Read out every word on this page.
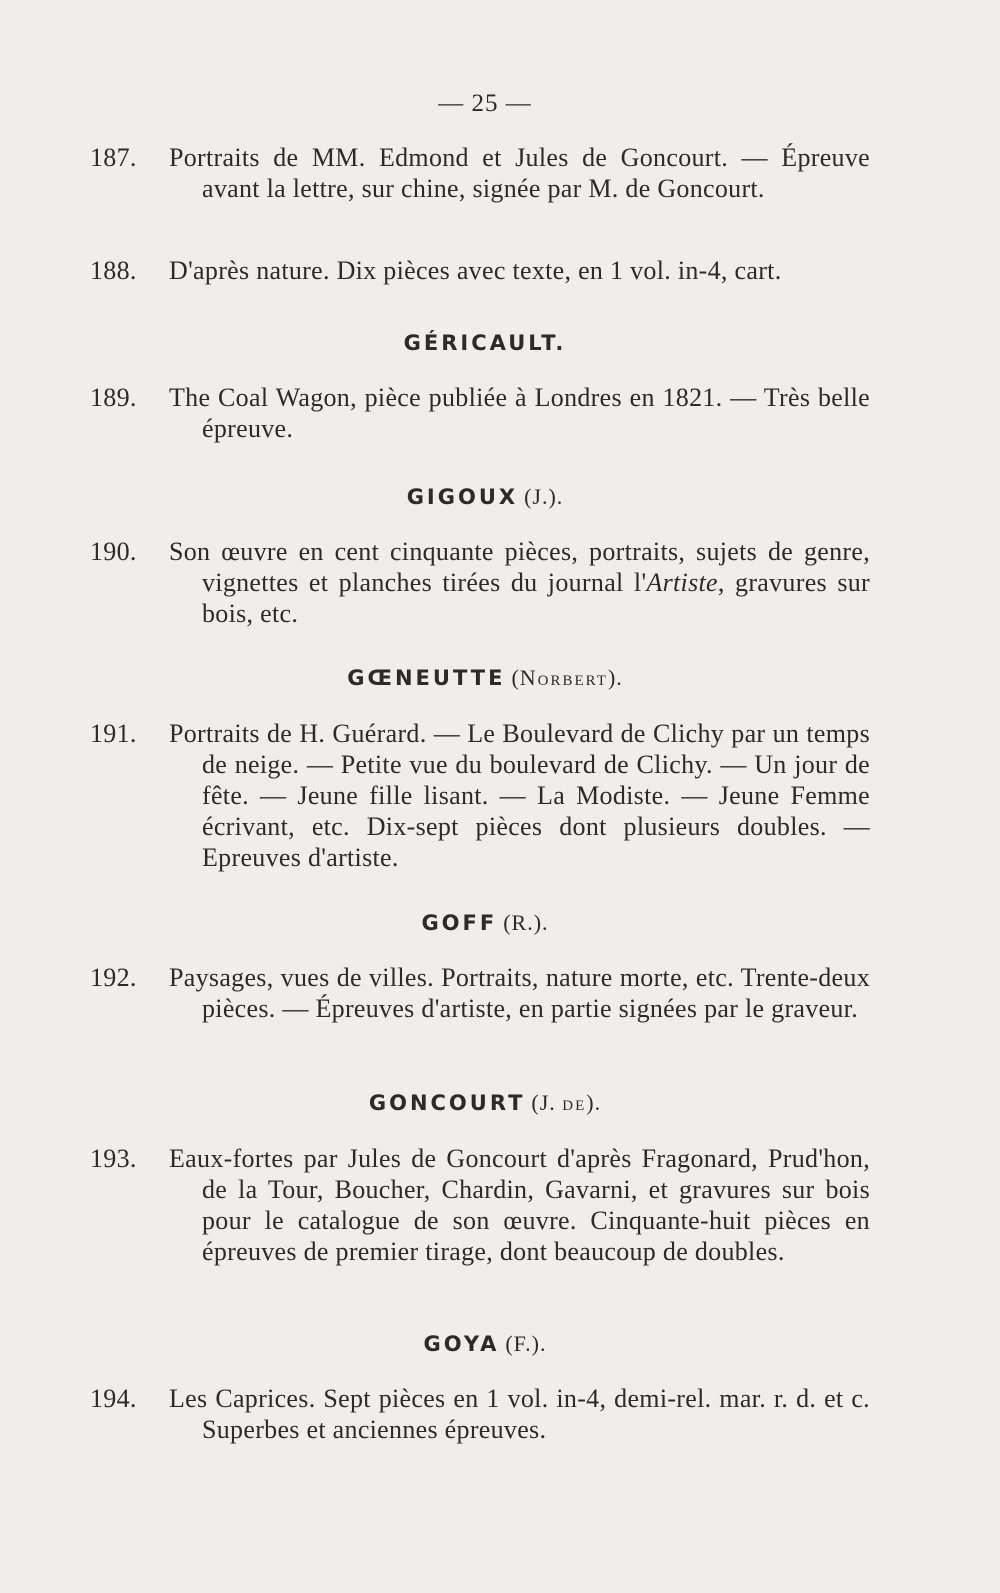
— 25 —
187.	Portraits de MM. Edmond et Jules de Goncourt. — Épreuve avant la lettre, sur chine, signée par M. de Goncourt.
188.	D'après nature. Dix pièces avec texte, en 1 vol. in-4, cart.
GÉRICAULT.
189.	The Coal Wagon, pièce publiée à Londres en 1821. — Très belle épreuve.
GIGOUX (J.).
190.	Son œuvre en cent cinquante pièces, portraits, sujets de genre, vignettes et planches tirées du journal l'Artiste, gravures sur bois, etc.
GŒNEUTTE (Norbert).
191.	Portraits de H. Guérard. — Le Boulevard de Clichy par un temps de neige. — Petite vue du boulevard de Clichy. — Un jour de fête. — Jeune fille lisant. — La Modiste. — Jeune Femme écrivant, etc. Dix-sept pièces dont plusieurs doubles. — Epreuves d'artiste.
GOFF (R.).
192.	Paysages, vues de villes. Portraits, nature morte, etc. Trente-deux pièces. — Épreuves d'artiste, en partie signées par le graveur.
GONCOURT (J. de).
193.	Eaux-fortes par Jules de Goncourt d'après Fragonard, Prud'hon, de la Tour, Boucher, Chardin, Gavarni, et gravures sur bois pour le catalogue de son œuvre. Cinquante-huit pièces en épreuves de premier tirage, dont beaucoup de doubles.
GOYA (F.).
194.	Les Caprices. Sept pièces en 1 vol. in-4, demi-rel. mar. r. d. et c. Superbes et anciennes épreuves.
